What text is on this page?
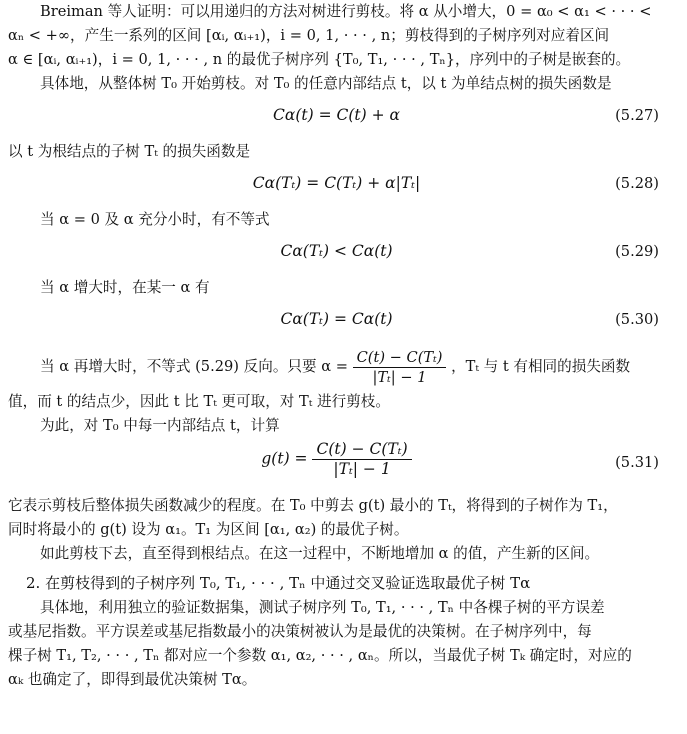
Breiman 等人证明：可以用递归的方法对树进行剪枝。将 α 从小增大，0 = α₀ < α₁ < · · · <
αₙ < +∞，产生一系列的区间 [αᵢ, αᵢ₊₁)，i = 0, 1, · · · , n；剪枝得到的子树序列对应着区间
α ∈ [αᵢ, αᵢ₊₁)，i = 0, 1, · · · , n 的最优子树序列 {T₀, T₁, · · · , Tₙ}，序列中的子树是嵌套的。
具体地，从整体树 T₀ 开始剪枝。对 T₀ 的任意内部结点 t，以 t 为单结点树的损失函数是
Cα(t) = C(t) + α	(5.27)
以 t 为根结点的子树 Tₜ 的损失函数是
Cα(Tₜ) = C(Tₜ) + α|Tₜ|	(5.28)
当 α = 0 及 α 充分小时，有不等式
Cα(Tₜ) < Cα(t)	(5.29)
当 α 增大时，在某一 α 有
Cα(Tₜ) = Cα(t)	(5.30)
当 α 再增大时，不等式 (5.29) 反向。只要 $\alpha = \frac{\text{C(t) − C(Tₜ)}}{\text{|Tₜ| − 1}}$ ，Tₜ 与 t 有相同的损失函数
值，而 t 的结点少，因此 t 比 Tₜ 更可取，对 Tₜ 进行剪枝。
为此，对 T₀ 中每一内部结点 t，计算
$g(t) = \frac{\text{C(t) − C(Tₜ)}}{\text{|Tₜ| − 1}}$	(5.31)
它表示剪枝后整体损失函数减少的程度。在 T₀ 中剪去 g(t) 最小的 Tₜ，将得到的子树作为 T₁，
同时将最小的 g(t) 设为 α₁。T₁ 为区间 [α₁, α₂) 的最优子树。
如此剪枝下去，直至得到根结点。在这一过程中，不断地增加 α 的值，产生新的区间。
2. 在剪枝得到的子树序列 T₀, T₁, · · · , Tₙ 中通过交叉验证选取最优子树 Tα
具体地，利用独立的验证数据集，测试子树序列 T₀, T₁, · · · , Tₙ 中各棵子树的平方误差
或基尼指数。平方误差或基尼指数最小的决策树被认为是最优的决策树。在子树序列中，每
棵子树 T₁, T₂, · · · , Tₙ 都对应一个参数 α₁, α₂, · · · , αₙ。所以，当最优子树 Tₖ 确定时，对应的
αₖ 也确定了，即得到最优决策树 Tα。
